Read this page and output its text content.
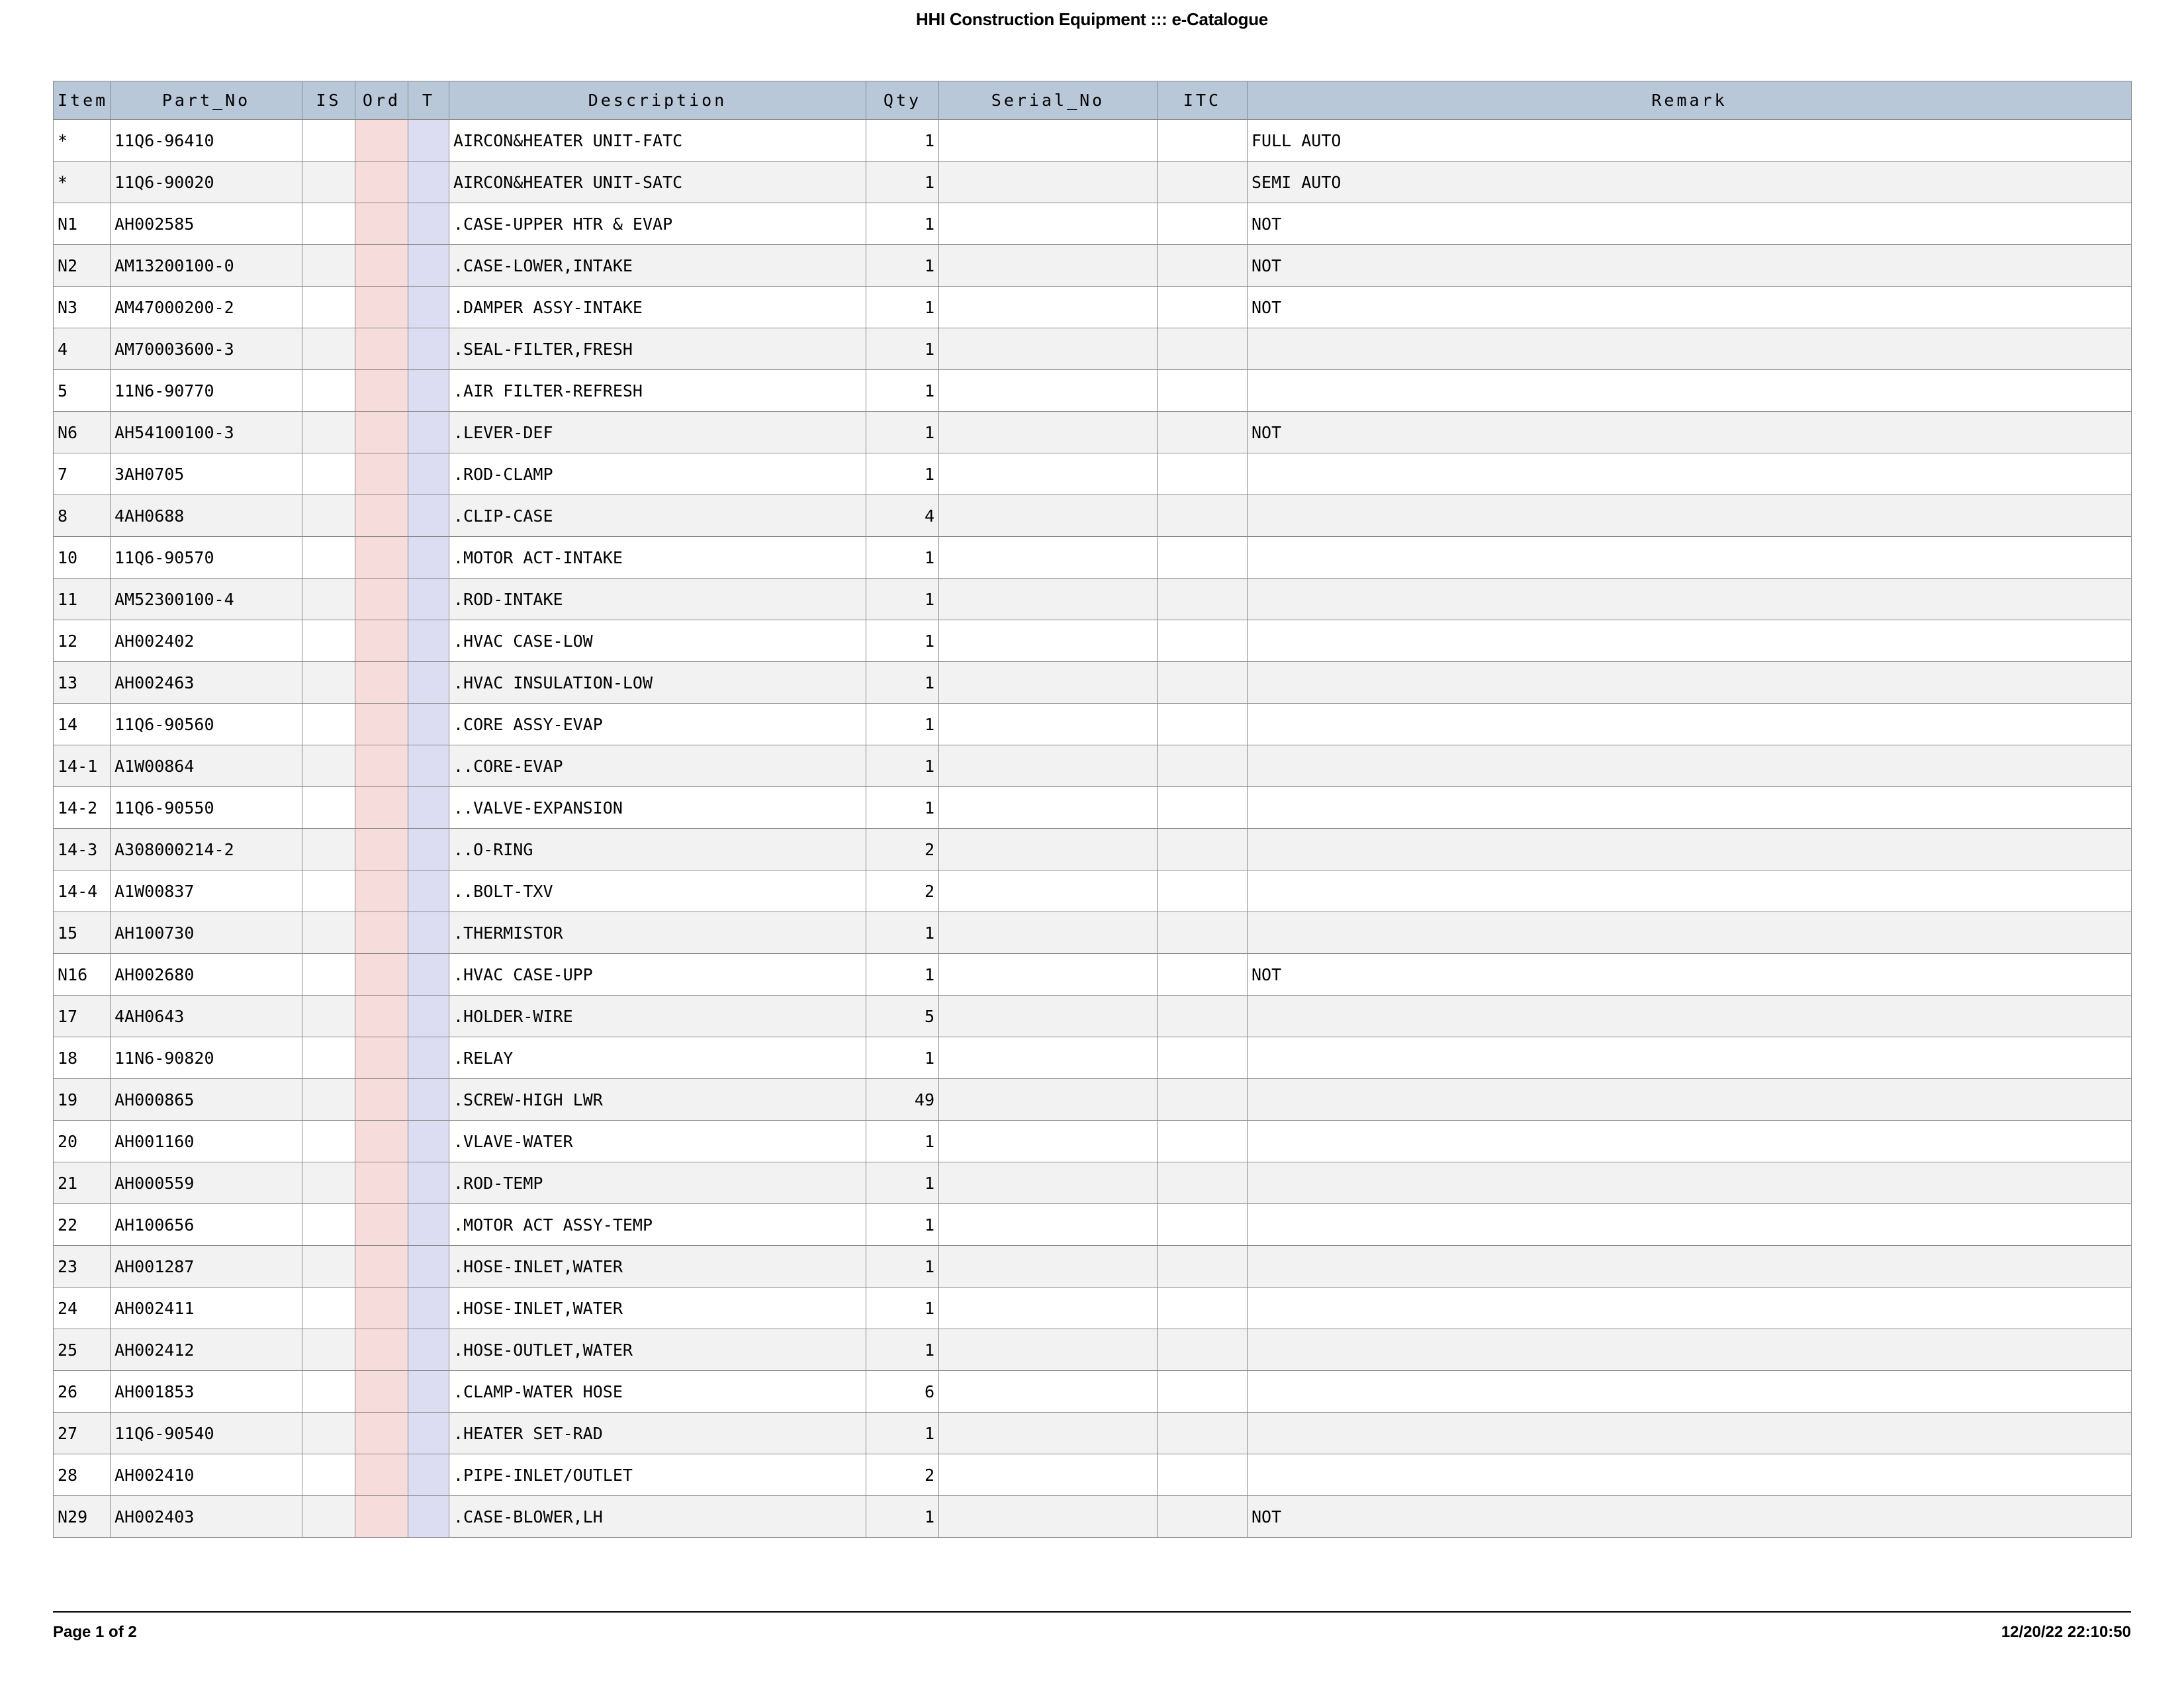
HHI Construction Equipment ::: e-Catalogue
Item	Part_No	IS	Ord	T	Description	Qty	Serial_No	ITC	Remark
*	11Q6-96410				AIRCON&HEATER UNIT-FATC	1			FULL AUTO
*	11Q6-90020				AIRCON&HEATER UNIT-SATC	1			SEMI AUTO
N1	AH002585				.CASE-UPPER HTR & EVAP	1			NOT
N2	AM13200100-0				.CASE-LOWER,INTAKE	1			NOT
N3	AM47000200-2				.DAMPER ASSY-INTAKE	1			NOT
4	AM70003600-3				.SEAL-FILTER,FRESH	1			
5	11N6-90770				.AIR FILTER-REFRESH	1			
N6	AH54100100-3				.LEVER-DEF	1			NOT
7	3AH0705				.ROD-CLAMP	1			
8	4AH0688				.CLIP-CASE	4			
10	11Q6-90570				.MOTOR ACT-INTAKE	1			
11	AM52300100-4				.ROD-INTAKE	1			
12	AH002402				.HVAC CASE-LOW	1			
13	AH002463				.HVAC INSULATION-LOW	1			
14	11Q6-90560				.CORE ASSY-EVAP	1			
14-1	A1W00864				..CORE-EVAP	1			
14-2	11Q6-90550				..VALVE-EXPANSION	1			
14-3	A308000214-2				..O-RING	2			
14-4	A1W00837				..BOLT-TXV	2			
15	AH100730				.THERMISTOR	1			
N16	AH002680				.HVAC CASE-UPP	1			NOT
17	4AH0643				.HOLDER-WIRE	5			
18	11N6-90820				.RELAY	1			
19	AH000865				.SCREW-HIGH LWR	49			
20	AH001160				.VLAVE-WATER	1			
21	AH000559				.ROD-TEMP	1			
22	AH100656				.MOTOR ACT ASSY-TEMP	1			
23	AH001287				.HOSE-INLET,WATER	1			
24	AH002411				.HOSE-INLET,WATER	1			
25	AH002412				.HOSE-OUTLET,WATER	1			
26	AH001853				.CLAMP-WATER HOSE	6			
27	11Q6-90540				.HEATER SET-RAD	1			
28	AH002410				.PIPE-INLET/OUTLET	2			
N29	AH002403				.CASE-BLOWER,LH	1			NOT
Page 1 of 2	12/20/22 22:10:50
